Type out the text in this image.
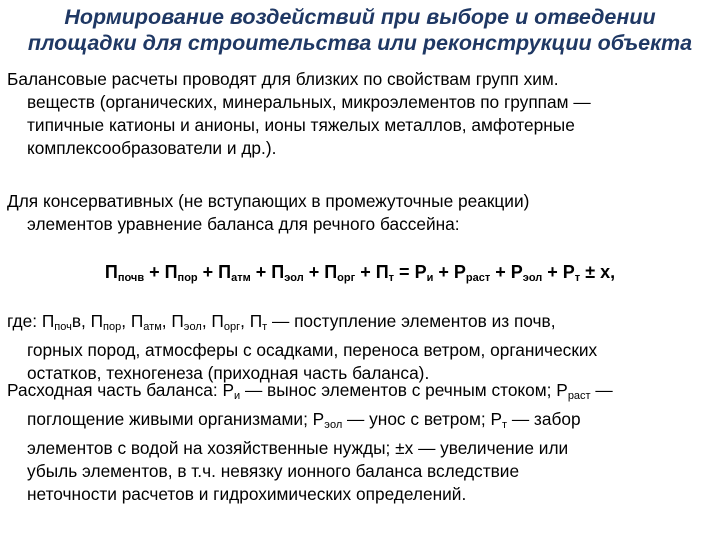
Нормирование воздействий при выборе и отведении
площадки для строительства или реконструкции объекта
Балансовые расчеты проводят для близких по свойствам групп хим.
веществ (органических, минеральных, микроэлементов по группам —
типичные катионы и анионы, ионы тяжелых металлов, амфотерные
комплексообразователи и др.).
Для консервативных (не вступающих в промежуточные реакции)
элементов уравнение баланса для речного бассейна:
$П_{почв} + П_{пор} + П_{атм} + П_{эол} + П_{орг} + П_т = Р_и + Р_{раст} + Р_{эол} + Р_т \pm x$,
где: $П_{поч}в$, $П_{пор}$, $П_{атм}$, $П_{эол}$, $П_{орг}$, $П_т$ — поступление элементов из почв,
горных пород, атмосферы с осадками, переноса ветром, органических
остатков, техногенеза (приходная часть баланса).
Расходная часть баланса: $Р_и$ — вынос элементов с речным стоком; $Р_{раст}$ —
поглощение живыми организмами; $Р_{эол}$ — унос с ветром; $Р_т$ — забор
элементов с водой на хозяйственные нужды; ±x — увеличение или
убыль элементов, в т.ч. невязку ионного баланса вследствие
неточности расчетов и гидрохимических определений.
